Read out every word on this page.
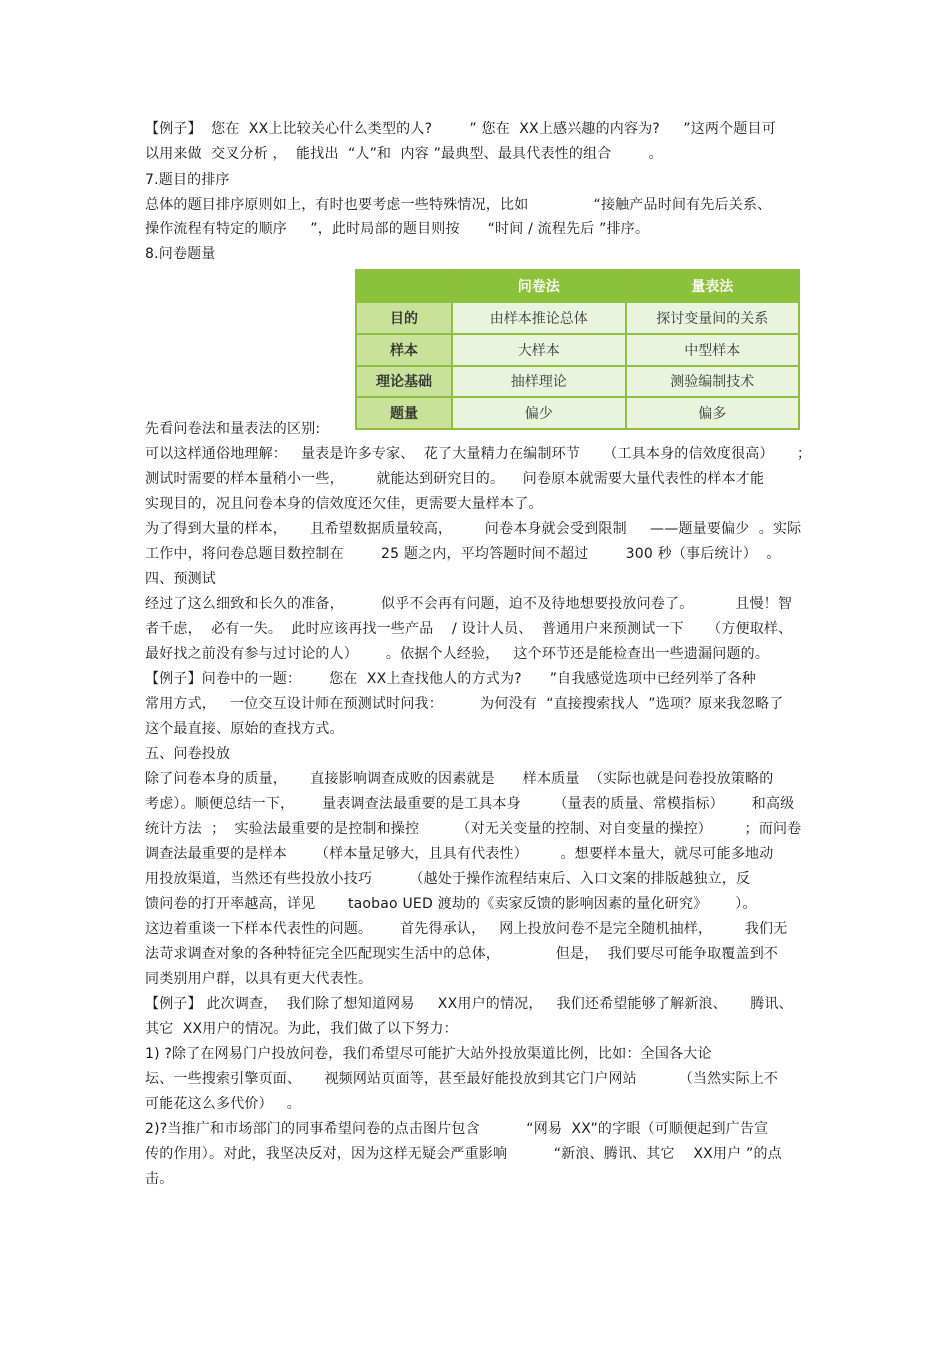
【例子】  您在  XX上比较关心什么类型的人?        ” 您在  XX上感兴趣的内容为?     ”这两个题目可
以用来做  交叉分析 ，  能找出  “人”和  内容 ”最典型、最具代表性的组合        。
7.题目的排序
总体的题目排序原则如上，有时也要考虑一些特殊情况，比如              “接触产品时间有先后关系、
操作流程有特定的顺序     ”，此时局部的题目则按      “时间 / 流程先后 ”排序。
8.问卷题量
	问卷法	量表法
目的	由样本推论总体	探讨变量间的关系
样本	大样本	中型样本
理论基础	抽样理论	测验编制技术
题量	偏少	偏多
先看问卷法和量表法的区别:
可以这样通俗地理解：   量表是许多专家、  花了大量精力在编制环节     （工具本身的信效度很高）     ；
测试时需要的样本量稍小一些，       就能达到研究目的。    问卷原本就需要大量代表性的样本才能
实现目的，况且问卷本身的信效度还欠佳，更需要大量样本了。
为了得到大量的样本，     且希望数据质量较高，       问卷本身就会受到限制     ——题量要偏少  。实际
工作中，将问卷总题目数控制在        25 题之内，平均答题时间不超过        300 秒（事后统计）  。
四、预测试
经过了这么细致和长久的准备，        似乎不会再有问题，迫不及待地想要投放问卷了。         且慢！智
者千虑，  必有一失。  此时应该再找一些产品    / 设计人员、  普通用户来预测试一下     （方便取样、
最好找之前没有参与过讨论的人）      。依据个人经验，   这个环节还是能检查出一些遗漏问题的。
【例子】问卷中的一题：      您在  XX上查找他人的方式为?      ”自我感觉选项中已经列举了各种
常用方式，   一位交互设计师在预测试时问我：        为何没有  “直接搜索找人  ”选项？原来我忽略了
这个最直接、原始的查找方式。
五、问卷投放
除了问卷本身的质量，     直接影响调查成败的因素就是      样本质量  （实际也就是问卷投放策略的
考虑）。顺便总结一下，      量表调查法最重要的是工具本身       （量表的质量、常模指标）      和高级
统计方法  ；  实验法最重要的是控制和操控        （对无关变量的控制、对自变量的操控）       ；而问卷
调查法最重要的是样本      （样本量足够大，且具有代表性）       。想要样本量大，就尽可能多地动
用投放渠道，当然还有些投放小技巧        （越处于操作流程结束后、入口文案的排版越独立，反
馈问卷的打开率越高，详见       taobao UED 渡劫的《卖家反馈的影响因素的量化研究》      ）。
这边着重谈一下样本代表性的问题。      首先得承认，   网上投放问卷不是完全随机抽样，       我们无
法苛求调查对象的各种特征完全匹配现实生活中的总体，            但是，  我们要尽可能争取覆盖到不
同类别用户群，以具有更大代表性。
【例子】 此次调查，  我们除了想知道网易     XX用户的情况，   我们还希望能够了解新浪、     腾讯、
其它  XX用户的情况。为此，我们做了以下努力：
1) ?除了在网易门户投放问卷，我们希望尽可能扩大站外投放渠道比例，比如：全国各大论
坛、一些搜索引擎页面、     视频网站页面等，甚至最好能投放到其它门户网站         （当然实际上不
可能花这么多代价）   。
2)?当推广和市场部门的同事希望问卷的点击图片包含          “网易  XX”的字眼（可顺便起到广告宣
传的作用）。对此，我坚决反对，因为这样无疑会严重影响          “新浪、腾讯、其它    XX用户 ”的点
击。
